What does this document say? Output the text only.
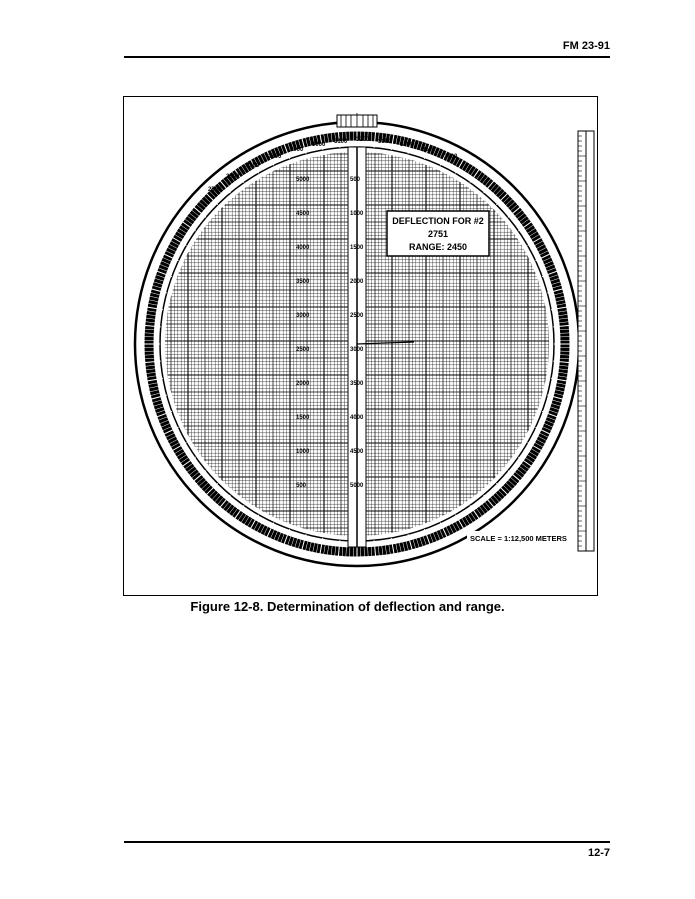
FM 23-91
5000
4500
4000
3500
3000
2500
2000
1500
1000
500
500
1000
1500
2000
2500
3000
3500
4000
4500
5000
3100 3200 3300 3400
3500
3600
3000
2900
2800
2700
2600
2500
DEFLECTION FOR #2
2751
RANGE: 2450
SCALE = 1:12,500 METERS
Figure 12-8. Determination of deflection and range.
12-7
